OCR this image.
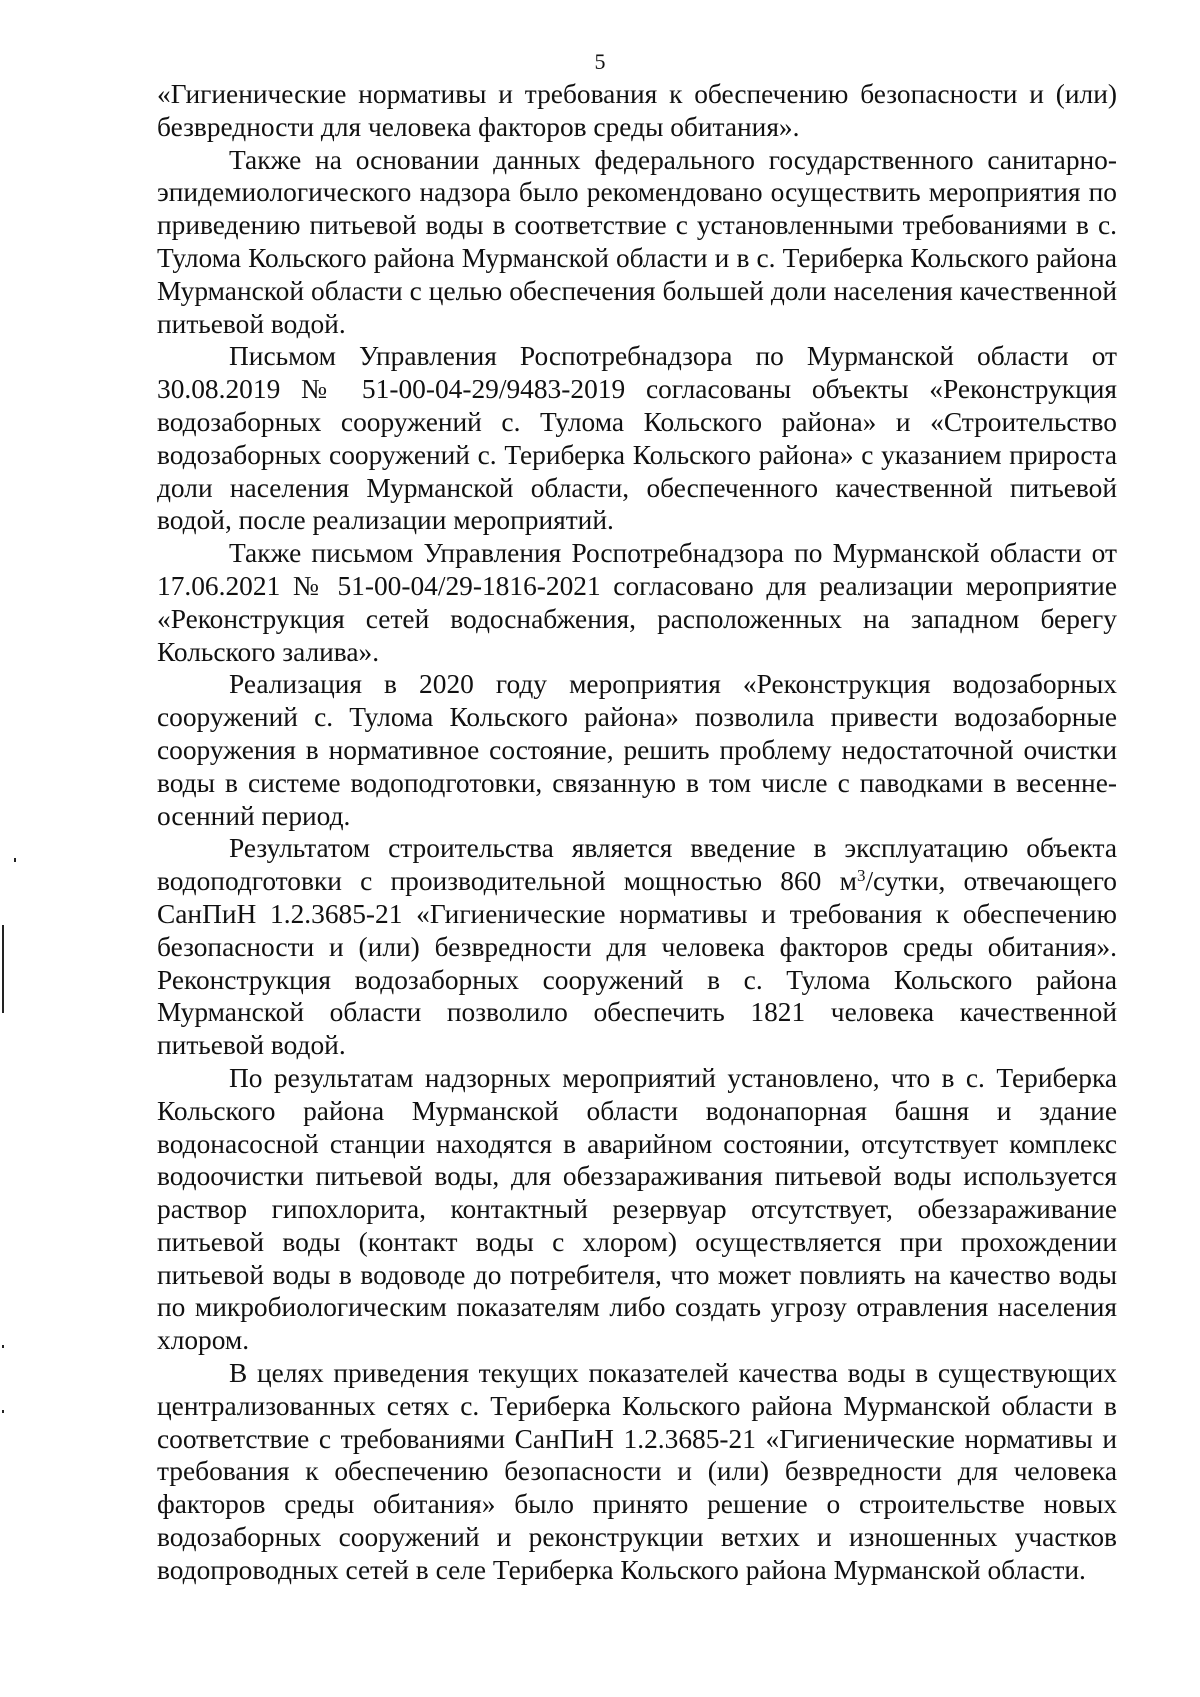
5

«Гигиенические нормативы и требования к обеспечению безопасности и (или) безвредности для человека факторов среды обитания».

Также на основании данных федерального государственного санитарно-эпидемиологического надзора было рекомендовано осуществить мероприятия по приведению питьевой воды в соответствие с установленными требованиями в с. Тулома Кольского района Мурманской области и в с. Териберка Кольского района Мурманской области с целью обеспечения большей доли населения качественной питьевой водой.

Письмом Управления Роспотребнадзора по Мурманской области от 30.08.2019 № 51-00-04-29/9483-2019 согласованы объекты «Реконструкция водозаборных сооружений с. Тулома Кольского района» и «Строительство водозаборных сооружений с. Териберка Кольского района» с указанием прироста доли населения Мурманской области, обеспеченного качественной питьевой водой, после реализации мероприятий.

Также письмом Управления Роспотребнадзора по Мурманской области от 17.06.2021 № 51-00-04/29-1816-2021 согласовано для реализации мероприятие «Реконструкция сетей водоснабжения, расположенных на западном берегу Кольского залива».

Реализация в 2020 году мероприятия «Реконструкция водозаборных сооружений с. Тулома Кольского района» позволила привести водозаборные сооружения в нормативное состояние, решить проблему недостаточной очистки воды в системе водоподготовки, связанную в том числе с паводками в весенне-осенний период.

Результатом строительства является введение в эксплуатацию объекта водоподготовки с производительной мощностью 860 $м^3$/сутки, отвечающего СанПиН 1.2.3685-21 «Гигиенические нормативы и требования к обеспечению безопасности и (или) безвредности для человека факторов среды обитания». Реконструкция водозаборных сооружений в с. Тулома Кольского района Мурманской области позволило обеспечить 1821 человека качественной питьевой водой.

По результатам надзорных мероприятий установлено, что в с. Териберка Кольского района Мурманской области водонапорная башня и здание водонасосной станции находятся в аварийном состоянии, отсутствует комплекс водоочистки питьевой воды, для обеззараживания питьевой воды используется раствор гипохлорита, контактный резервуар отсутствует, обеззараживание питьевой воды (контакт воды с хлором) осуществляется при прохождении питьевой воды в водоводе до потребителя, что может повлиять на качество воды по микробиологическим показателям либо создать угрозу отравления населения хлором.

В целях приведения текущих показателей качества воды в существующих централизованных сетях с. Териберка Кольского района Мурманской области в соответствие с требованиями СанПиН 1.2.3685-21 «Гигиенические нормативы и требования к обеспечению безопасности и (или) безвредности для человека факторов среды обитания» было принято решение о строительстве новых водозаборных сооружений и реконструкции ветхих и изношенных участков водопроводных сетей в селе Териберка Кольского района Мурманской области.
